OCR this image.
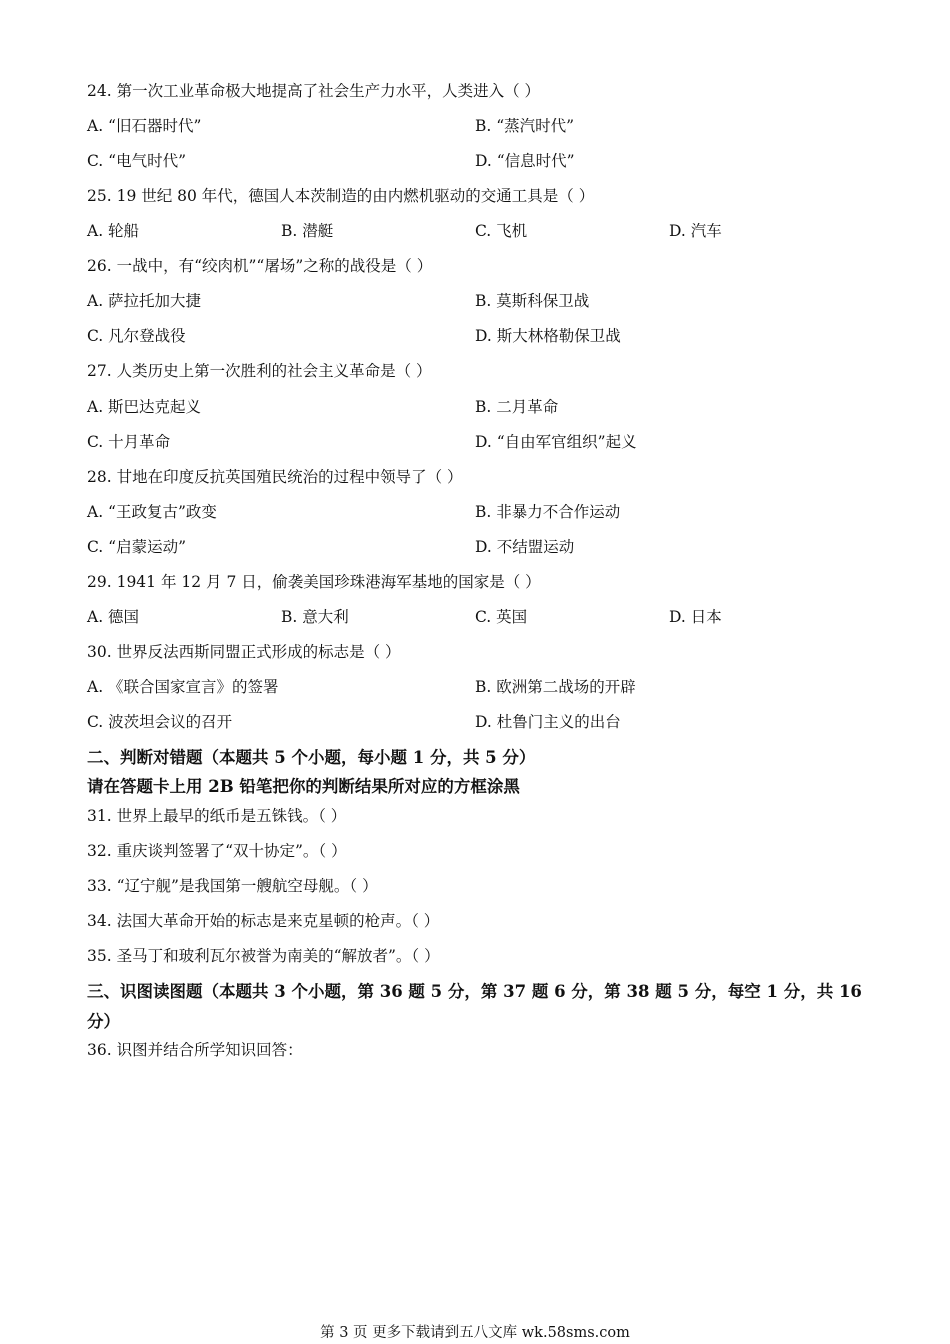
24. 第一次工业革命极大地提高了社会生产力水平，人类进入（ ）
A. “旧石器时代”	B. “蒸汽时代”
C. “电气时代”	D. “信息时代”
25. 19 世纪 80 年代，德国人本茨制造的由内燃机驱动的交通工具是（ ）
A. 轮船	B. 潜艇	C. 飞机	D. 汽车
26. 一战中，有“绞肉机”“屠场”之称的战役是（ ）
A. 萨拉托加大捷	B. 莫斯科保卫战
C. 凡尔登战役	D. 斯大林格勒保卫战
27. 人类历史上第一次胜利的社会主义革命是（ ）
A. 斯巴达克起义	B. 二月革命
C. 十月革命	D. “自由军官组织”起义
28. 甘地在印度反抗英国殖民统治的过程中领导了（ ）
A. “王政复古”政变	B. 非暴力不合作运动
C. “启蒙运动”	D. 不结盟运动
29. 1941 年 12 月 7 日，偷袭美国珍珠港海军基地的国家是（ ）
A. 德国	B. 意大利	C. 英国	D. 日本
30. 世界反法西斯同盟正式形成的标志是（ ）
A. 《联合国家宣言》的签署	B. 欧洲第二战场的开辟
C. 波茨坦会议的召开	D. 杜鲁门主义的出台
二、判断对错题（本题共 5 个小题，每小题 1 分，共 5 分）
请在答题卡上用 2B 铅笔把你的判断结果所对应的方框涂黑
31. 世界上最早的纸币是五铢钱。（ ）
32. 重庆谈判签署了“双十协定”。（ ）
33. “辽宁舰”是我国第一艘航空母舰。（ ）
34. 法国大革命开始的标志是来克星顿的枪声。（ ）
35. 圣马丁和玻利瓦尔被誉为南美的“解放者”。（ ）
三、识图读图题（本题共 3 个小题，第 36 题 5 分，第 37 题 6 分，第 38 题 5 分，每空 1 分，共 16 分）
36. 识图并结合所学知识回答：
第 3 页 更多下载请到五八文库 wk.58sms.com
